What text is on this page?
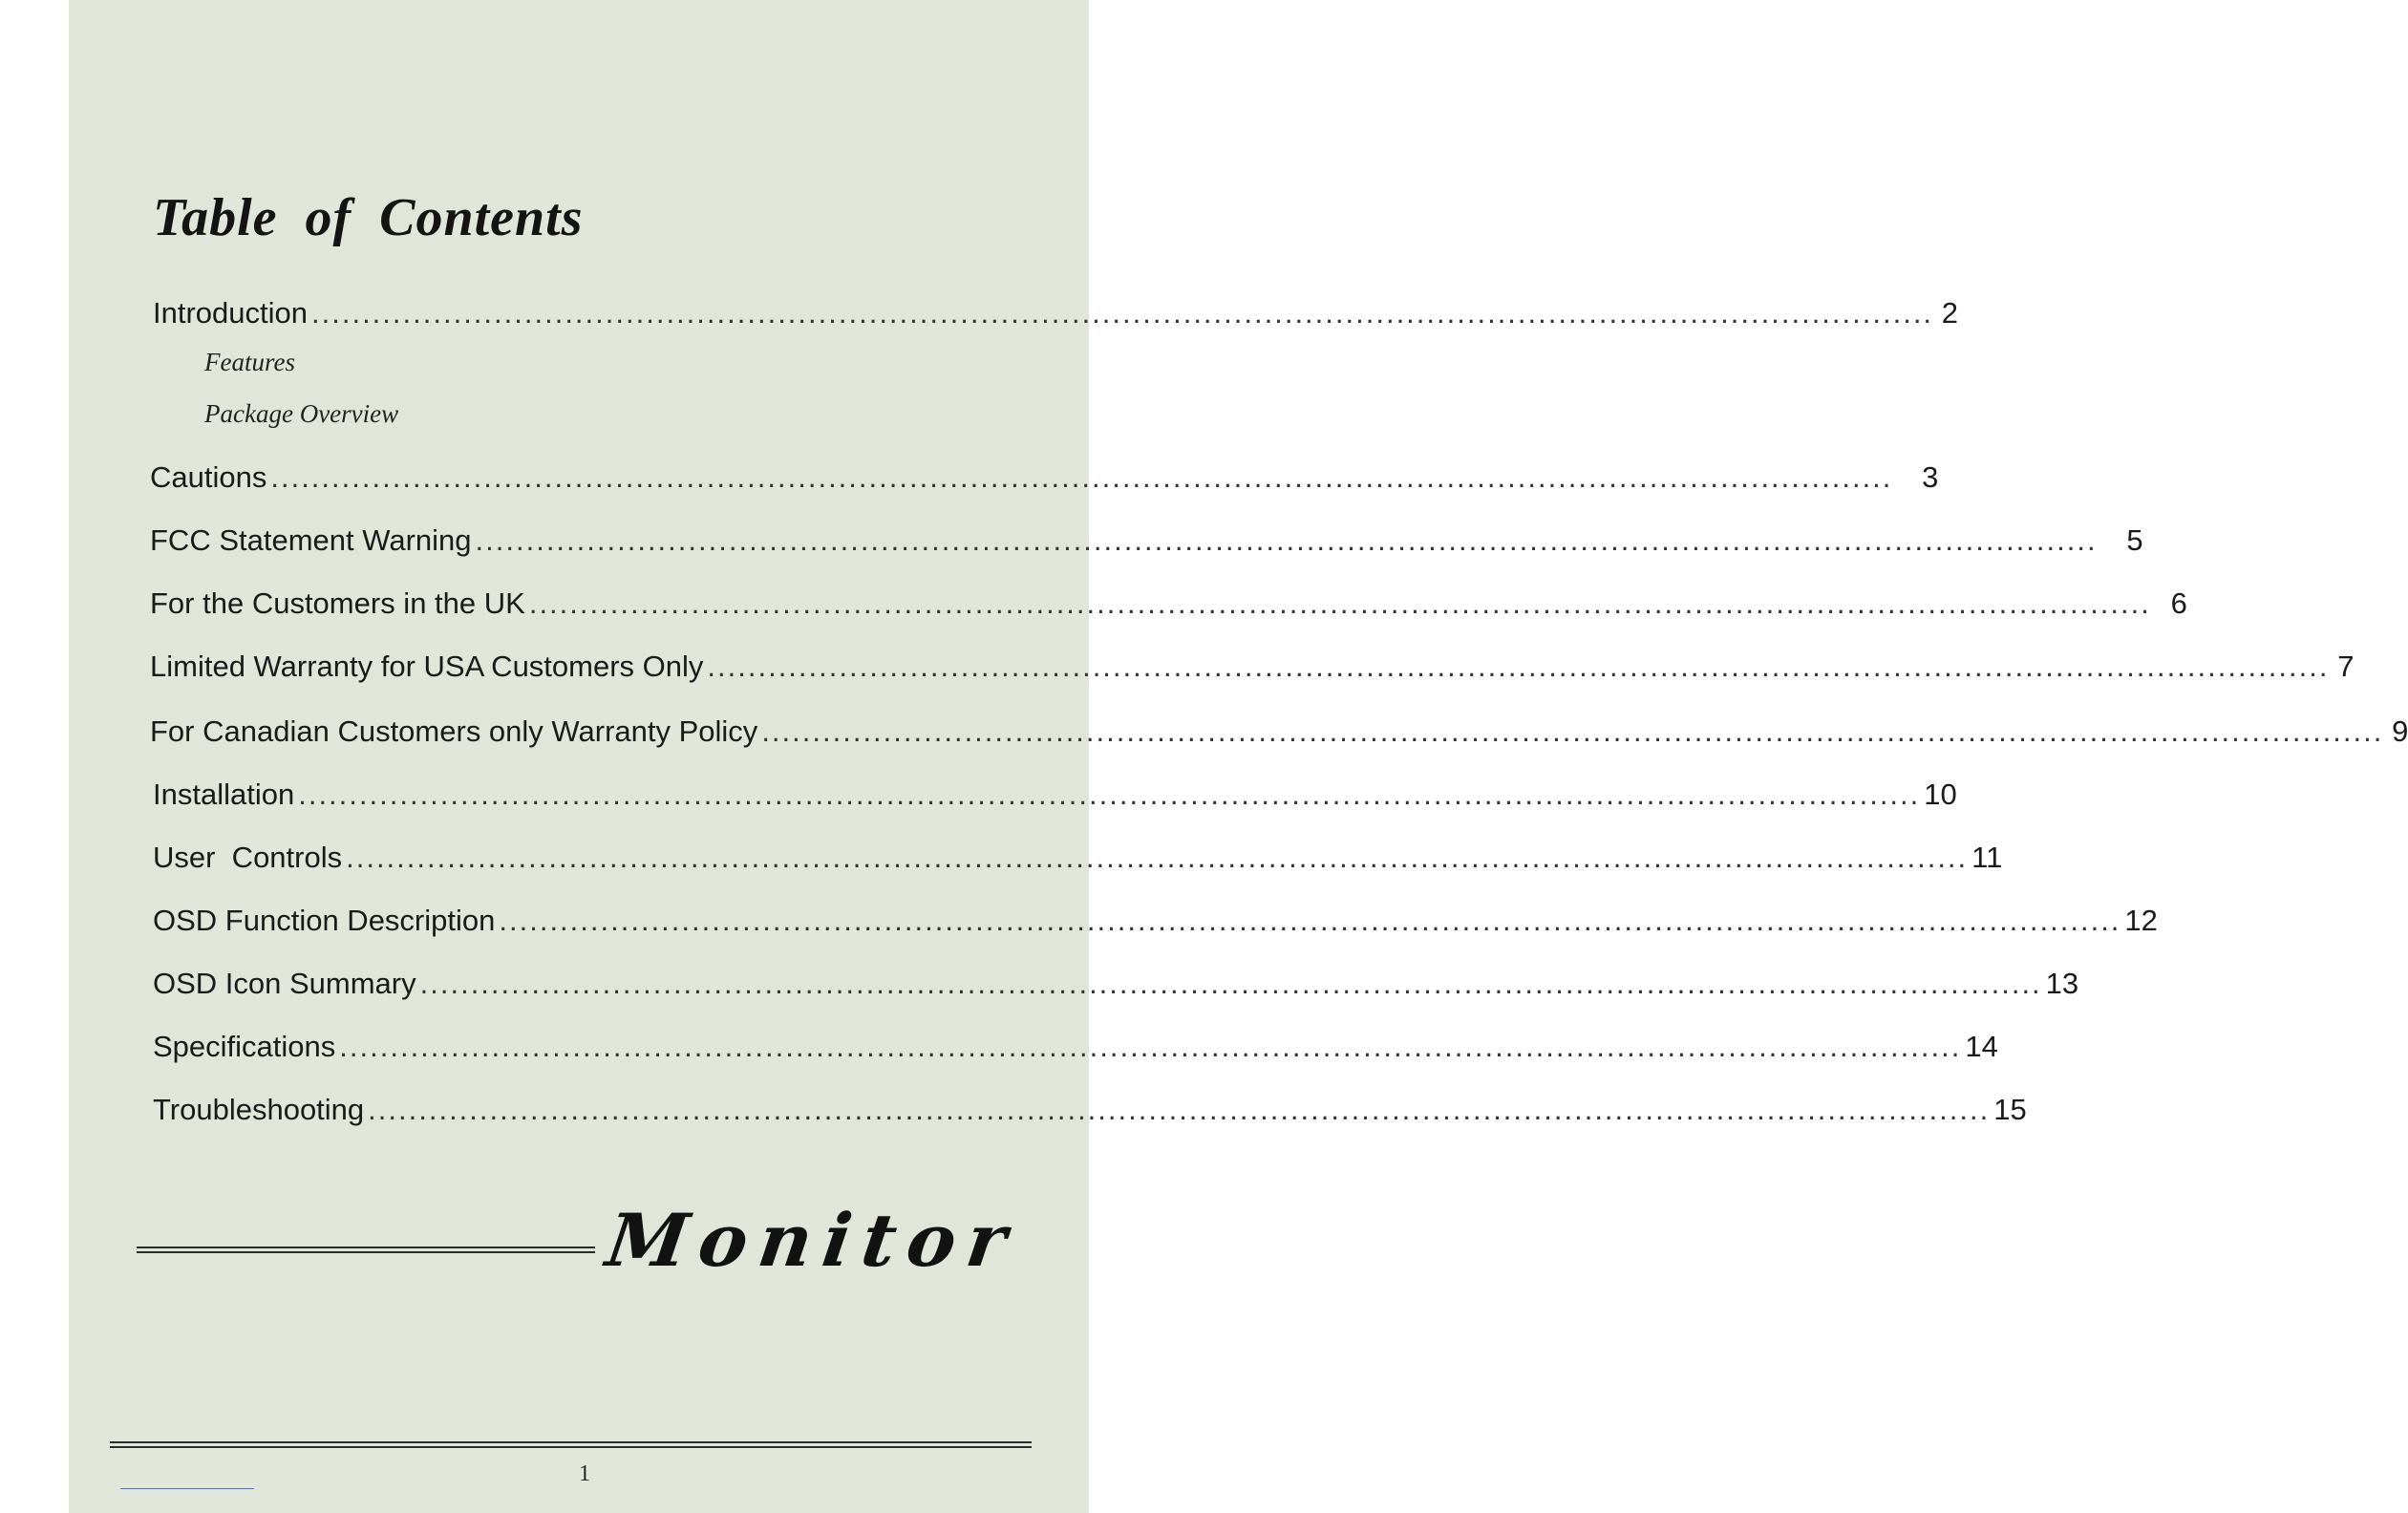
Table of Contents
Introduction ................................................................................................................................................................ 2
Features
Package Overview
Cautions ................................................................................................................................................................ 3
FCC Statement Warning ................................................................................................................................................................ 5
For the Customers in the UK ................................................................................................................................................................ 6
Limited Warranty for USA Customers Only ................................................................................................................................................................ 7
For Canadian Customers only Warranty Policy ................................................................................................................................................................ 9
Installation ................................................................................................................................................................ 10
User  Controls ................................................................................................................................................................ 11
OSD Function Description ................................................................................................................................................................ 12
OSD Icon Summary ................................................................................................................................................................ 13
Specifications ................................................................................................................................................................ 14
Troubleshooting ................................................................................................................................................................ 15
Monitor
1
